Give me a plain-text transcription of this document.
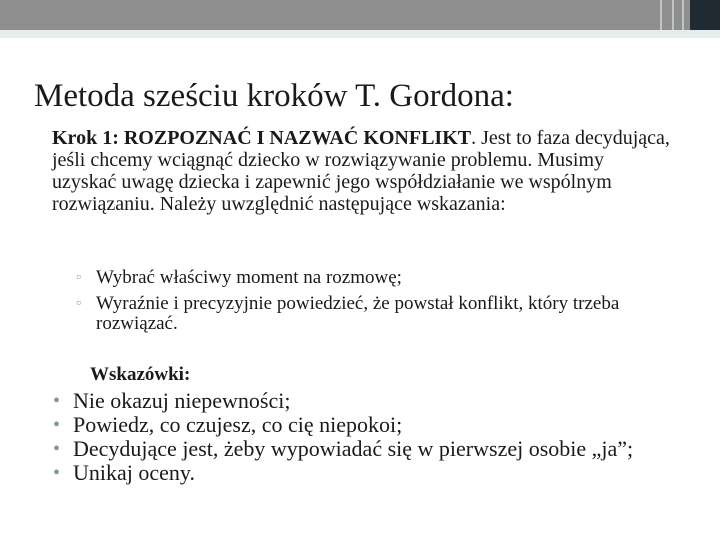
Metoda sześciu kroków T. Gordona:
Krok 1: ROZPOZNAĆ I NAZWAĆ KONFLIKT. Jest to faza decydująca, jeśli chcemy wciągnąć dziecko w rozwiązywanie problemu. Musimy uzyskać uwagę dziecka i zapewnić jego współdziałanie we wspólnym rozwiązaniu. Należy uwzględnić następujące wskazania:
▫ Wybrać właściwy moment na rozmowę;
▫ Wyraźnie i precyzyjnie powiedzieć, że powstał konflikt, który trzeba rozwiązać.
Wskazówki:
• Nie okazuj niepewności;
• Powiedz, co czujesz, co cię niepokoi;
• Decydujące jest, żeby wypowiadać się w pierwszej osobie „ja”;
• Unikaj oceny.
